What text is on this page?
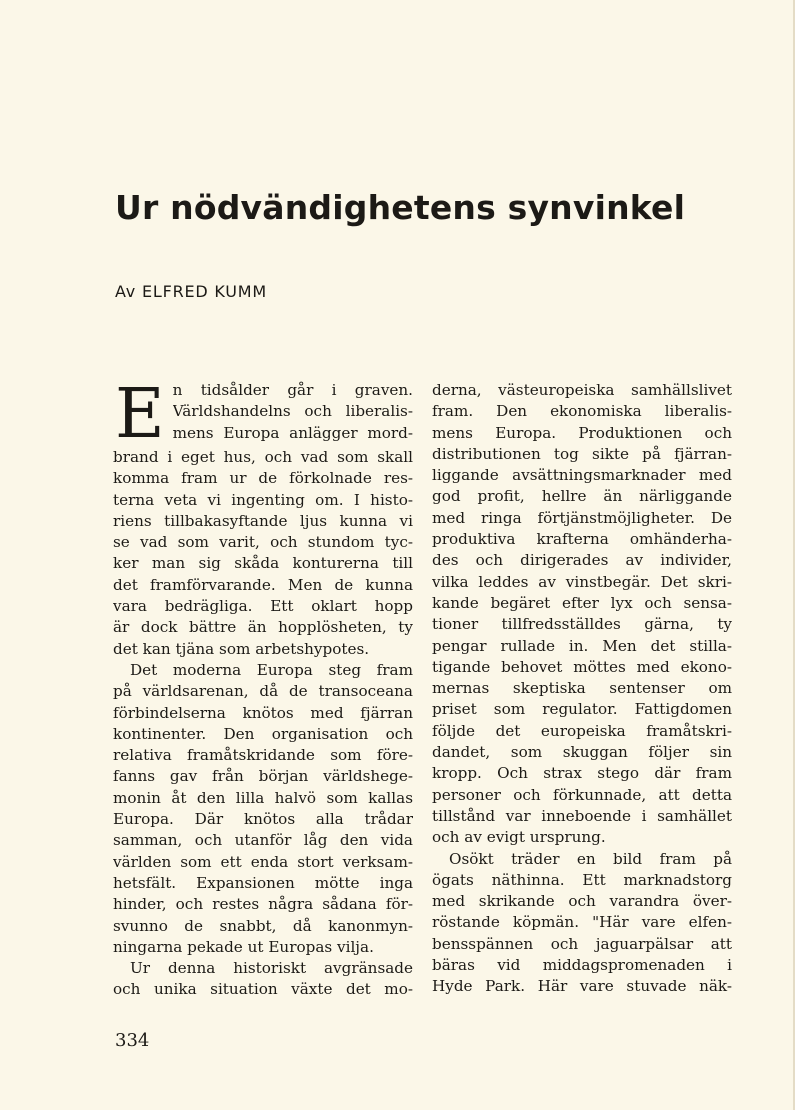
Ur nödvändighetens synvinkel
Av ELFRED KUMM
E n tidsålder går i graven.
Världshandelns och liberalis-
mens Europa anlägger mord-
brand i eget hus, och vad som skall
komma fram ur de förkolnade res-
terna veta vi ingenting om. I histo-
riens tillbakasyftande ljus kunna vi
se vad som varit, och stundom tyc-
ker man sig skåda konturerna till
det framförvarande. Men de kunna
vara bedrägliga. Ett oklart hopp
är dock bättre än hopplösheten, ty
det kan tjäna som arbetshypotes.
Det moderna Europa steg fram
på världsarenan, då de transoceana
förbindelserna knötos med fjärran
kontinenter. Den organisation och
relativa framåtskridande som före-
fanns gav från början världshege-
monin åt den lilla halvö som kallas
Europa. Där knötos alla trådar
samman, och utanför låg den vida
världen som ett enda stort verksam-
hetsfält. Expansionen mötte inga
hinder, och restes några sådana för-
svunno de snabbt, då kanonmyn-
ningarna pekade ut Europas vilja.
Ur denna historiskt avgränsade
och unika situation växte det mo-
derna, västeuropeiska samhällslivet
fram. Den ekonomiska liberalis-
mens Europa. Produktionen och
distributionen tog sikte på fjärran-
liggande avsättningsmarknader med
god profit, hellre än närliggande
med ringa förtjänstmöjligheter. De
produktiva krafterna omhänderha-
des och dirigerades av individer,
vilka leddes av vinstbegär. Det skri-
kande begäret efter lyx och sensa-
tioner tillfredsställdes gärna, ty
pengar rullade in. Men det stilla-
tigande behovet möttes med ekono-
mernas skeptiska sentenser om
priset som regulator. Fattigdomen
följde det europeiska framåtskri-
dandet, som skuggan följer sin
kropp. Och strax stego där fram
personer och förkunnade, att detta
tillstånd var inneboende i samhället
och av evigt ursprung.
Osökt träder en bild fram på
ögats näthinna. Ett marknadstorg
med skrikande och varandra över-
röstande köpmän. "Här vare elfen-
bensspännen och jaguarpälsar att
bäras vid middagspromenaden i
Hyde Park. Här vare stuvade näk-
334
